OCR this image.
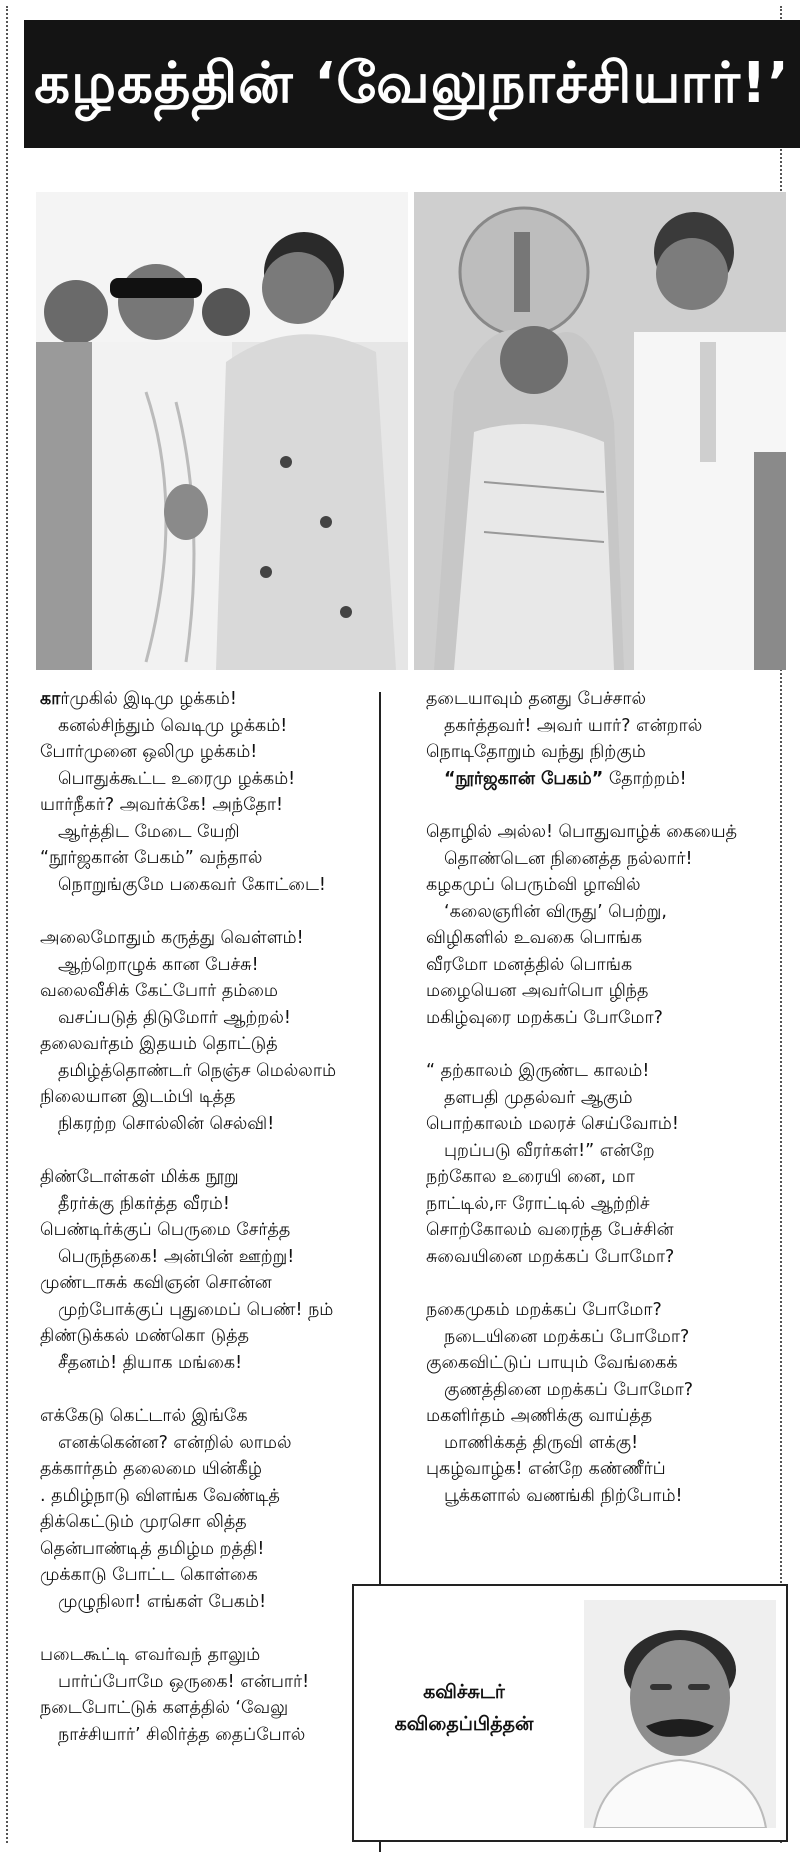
கழகத்தின் ‘வேலுநாச்சியார்!’
கார்முகில் இடிமு ழக்கம்!
கனல்சிந்தும் வெடிமு ழக்கம்!
போர்முனை ஒலிமு ழக்கம்!
பொதுக்கூட்ட உரைமு ழக்கம்!
யார்நீகர்? அவர்க்கே! அந்தோ!
ஆர்த்திட மேடை யேறி
“நூர்ஜகான் பேகம்” வந்தால்
நொறுங்குமே பகைவர் கோட்டை!
அலைமோதும் கருத்து வெள்ளம்!
ஆற்றொழுக் கான பேச்சு!
வலைவீசிக் கேட்போர் தம்மை
வசப்படுத் திடுமோர் ஆற்றல்!
தலைவர்தம் இதயம் தொட்டுத்
தமிழ்த்தொண்டர் நெஞ்ச மெல்லாம்
நிலையான இடம்பி டித்த
நிகரற்ற சொல்லின் செல்வி!
திண்டோள்கள் மிக்க நூறு
தீரர்க்கு நிகர்த்த வீரம்!
பெண்டிர்க்குப் பெருமை சேர்த்த
பெருந்தகை! அன்பின் ஊற்று!
முண்டாசுக் கவிஞன் சொன்ன
முற்போக்குப் புதுமைப் பெண்! நம்
திண்டுக்கல் மண்கொ டுத்த
சீதனம்! தியாக மங்கை!
எக்கேடு கெட்டால் இங்கே
எனக்கென்ன? என்றில் லாமல்
தக்கார்தம் தலைமை யின்கீழ்
. தமிழ்நாடு விளங்க வேண்டித்
திக்கெட்டும் முரசொ லித்த
தென்பாண்டித் தமிழ்ம றத்தி!
முக்காடு போட்ட கொள்கை
முழுநிலா! எங்கள் பேகம்!
படைகூட்டி எவர்வந் தாலும்
பார்ப்போமே ஒருகை! என்பார்!
நடைபோட்டுக் களத்தில் ‘வேலு
நாச்சியார்’ சிலிர்த்த தைப்போல்
தடையாவும் தனது பேச்சால்
தகர்த்தவர்! அவர் யார்? என்றால்
நொடிதோறும் வந்து நிற்கும்
“நூர்ஜகான் பேகம்” தோற்றம்!
தொழில் அல்ல! பொதுவாழ்க் கையைத்
தொண்டென நினைத்த நல்லார்!
கழகமுப் பெரும்வி ழாவில்
‘கலைஞரின் விருது’ பெற்று,
விழிகளில் உவகை பொங்க
வீரமோ மனத்தில் பொங்க
மழையென அவர்பொ ழிந்த
மகிழ்வுரை மறக்கப் போமோ?
“ தற்காலம் இருண்ட காலம்!
தளபதி முதல்வர் ஆகும்
பொற்காலம் மலரச் செய்வோம்!
புறப்படு வீரர்கள்!” என்றே
நற்கோல உரையி னை, மா
நாட்டில்,ஈ ரோட்டில் ஆற்றிச்
சொற்கோலம் வரைந்த பேச்சின்
சுவையினை மறக்கப் போமோ?
நகைமுகம் மறக்கப் போமோ?
நடையினை மறக்கப் போமோ?
குகைவிட்டுப் பாயும் வேங்கைக்
குணத்தினை மறக்கப் போமோ?
மகளிர்தம் அணிக்கு வாய்த்த
மாணிக்கத் திருவி ளக்கு!
புகழ்வாழ்க! என்றே கண்ணீர்ப்
பூக்களால் வணங்கி நிற்போம்!
கவிச்சுடர்
கவிதைப்பித்தன்
